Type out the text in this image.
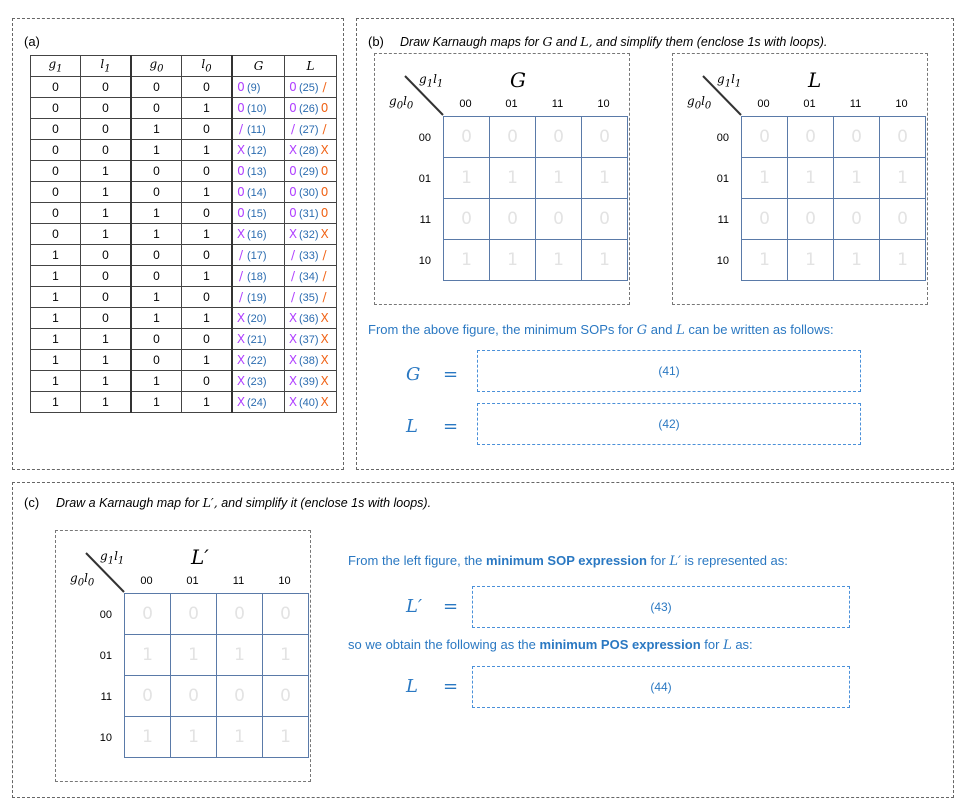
(a)
$g_1$	$l_1$	$g_0$	$l_0$	G	L
0	0	0	0	0 (9)	0 (25) /
0	0	0	1	0 (10)	0 (26) 0
0	0	1	0	/ (11)	/ (27) /
0	0	1	1	X (12)	X (28) X
0	1	0	0	0 (13)	0 (29) 0
0	1	0	1	0 (14)	0 (30) 0
0	1	1	0	0 (15)	0 (31) 0
0	1	1	1	X (16)	X (32) X
1	0	0	0	/ (17)	/ (33) /
1	0	0	1	/ (18)	/ (34) /
1	0	1	0	/ (19)	/ (35) /
1	0	1	1	X (20)	X (36) X
1	1	0	0	X (21)	X (37) X
1	1	0	1	X (22)	X (38) X
1	1	1	0	X (23)	X (39) X
1	1	1	1	X (24)	X (40) X
(b) Draw Karnaugh maps for G and L, and simplify them (enclose 1s with loops).
G
$g_1l_1$
$g_0l_0$	00	01	11	10
00
01
11
10
0	0	0	0
1	1	1	1
0	0	0	0
1	1	1	1
L
$g_1l_1$
$g_0l_0$	00	01	11	10
00
01
11
10
0	0	0	0
1	1	1	1
0	0	0	0
1	1	1	1
From the above figure, the minimum SOPs for G and L can be written as follows:
G =	(41)
L =	(42)
(c) Draw a Karnaugh map for L′, and simplify it (enclose 1s with loops).
L′
$g_1l_1$
$g_0l_0$	00	01	11	10
00
01
11
10
0	0	0	0
1	1	1	1
0	0	0	0
1	1	1	1
From the left figure, the minimum SOP expression for L′ is represented as:
L′ =	(43)
so we obtain the following as the minimum POS expression for L as:
L =	(44)
